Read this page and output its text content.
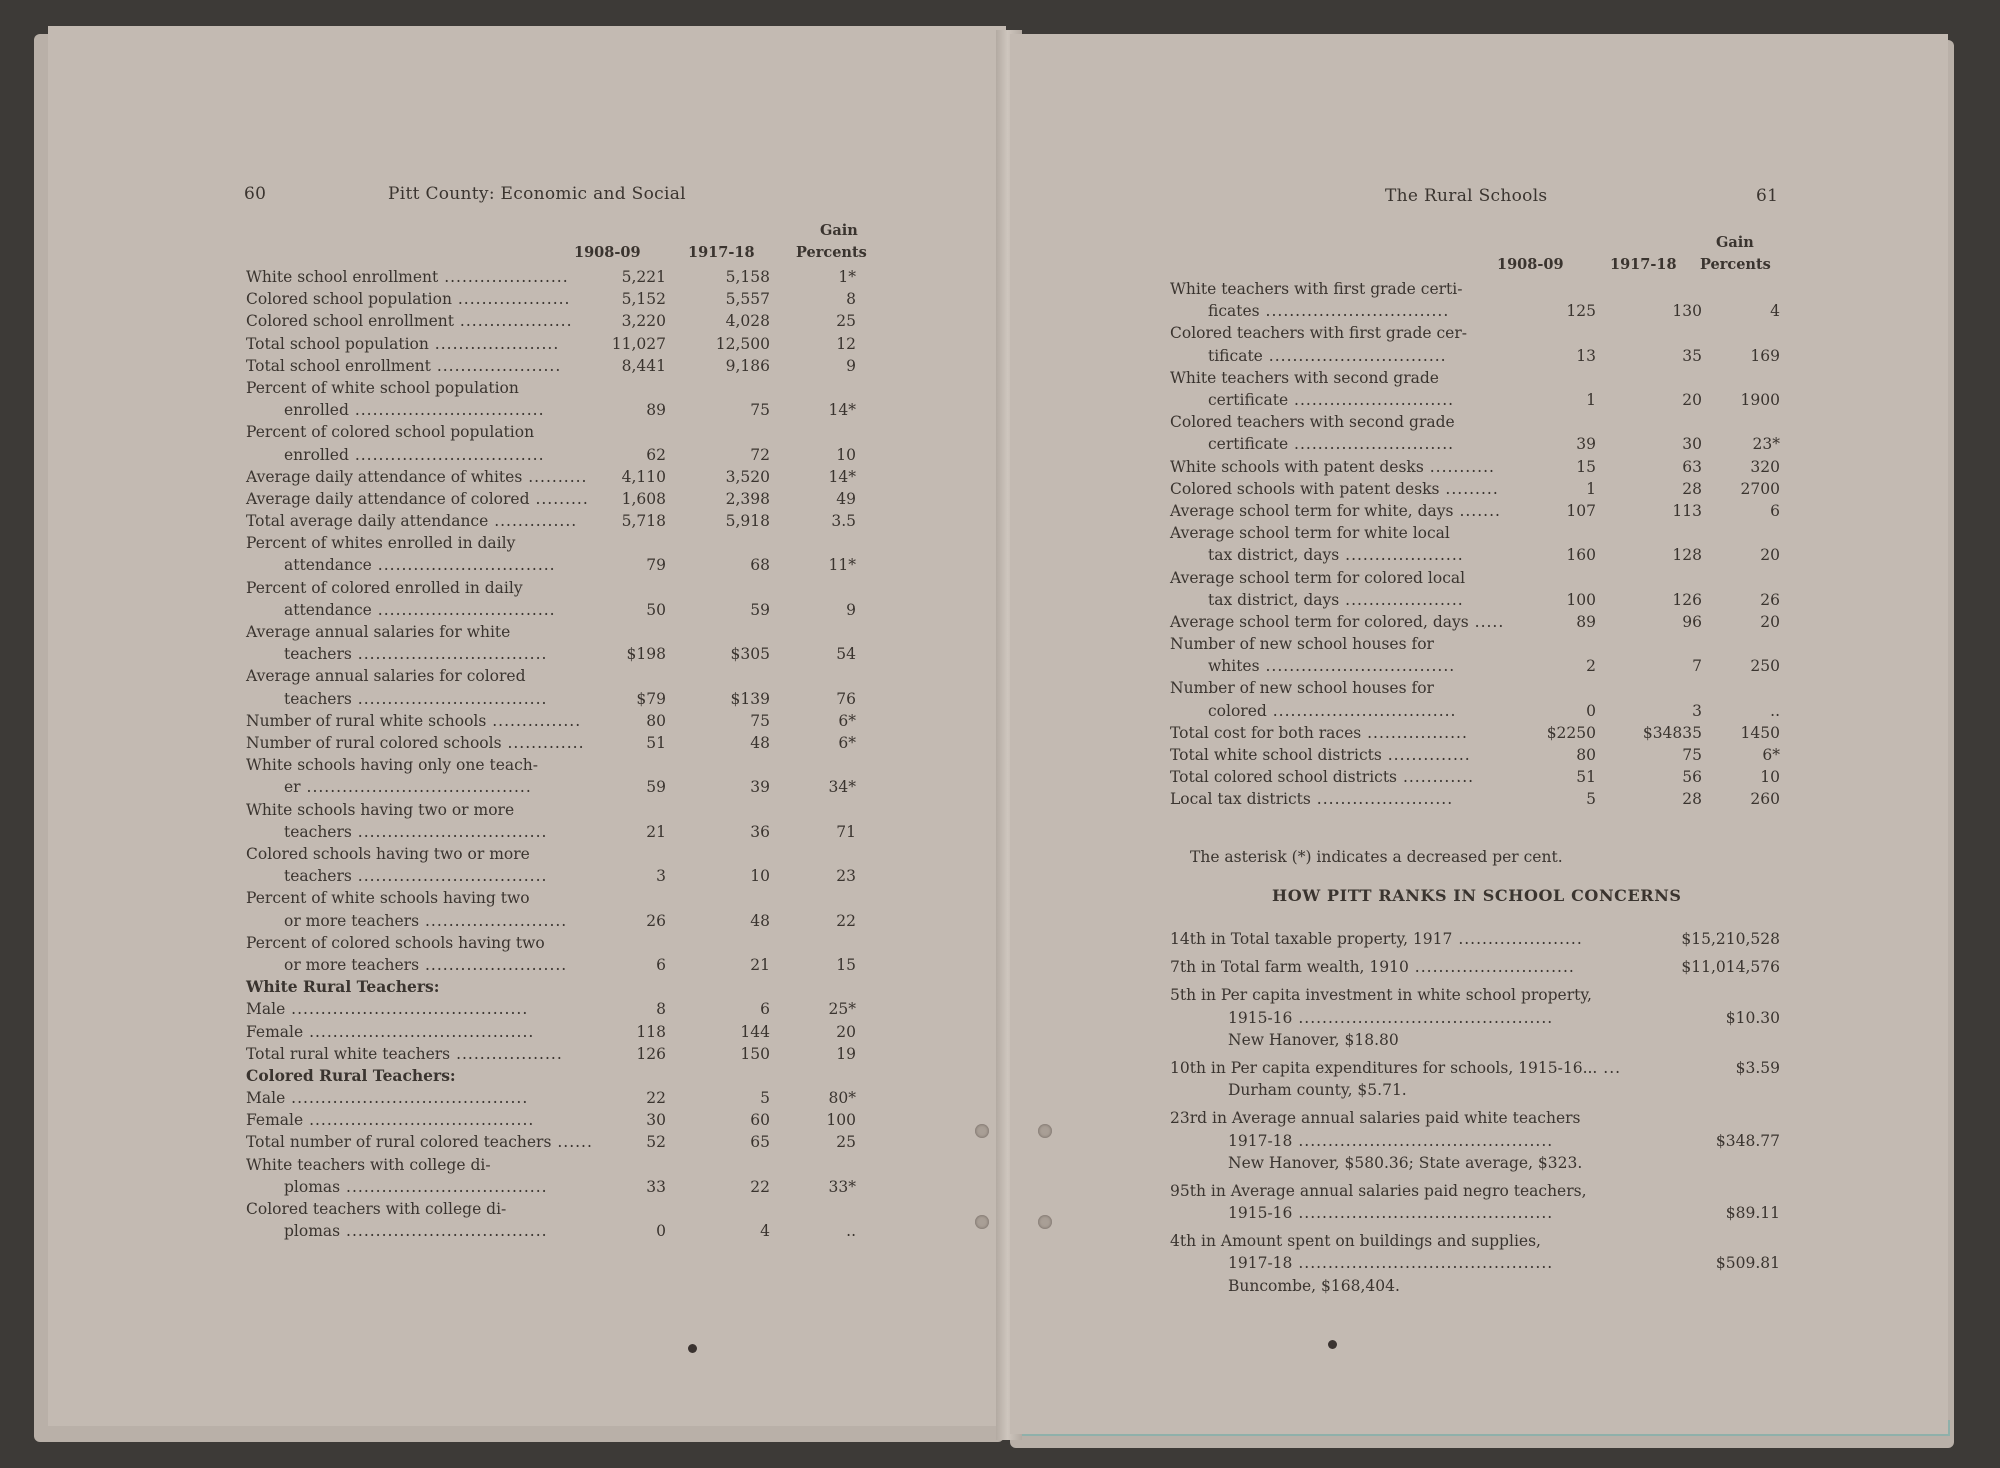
60	Pitt County: Economic and Social
Gain
1908-09	1917-18	Percents
White school enrollment .....................	5,221	5,158	1*
Colored school population ...................	5,152	5,557	8
Colored school enrollment ...................	3,220	4,028	25
Total school population .....................	11,027	12,500	12
Total school enrollment .....................	8,441	9,186	9
Percent of white school population
enrolled ................................	89	75	14*
Percent of colored school population
enrolled ................................	62	72	10
Average daily attendance of whites ..........	4,110	3,520	14*
Average daily attendance of colored .........	1,608	2,398	49
Total average daily attendance ..............	5,718	5,918	3.5
Percent of whites enrolled in daily
attendance ..............................	79	68	11*
Percent of colored enrolled in daily
attendance ..............................	50	59	9
Average annual salaries for white
teachers ................................	$198	$305	54
Average annual salaries for colored
teachers ................................	$79	$139	76
Number of rural white schools ...............	80	75	6*
Number of rural colored schools .............	51	48	6*
White schools having only one teach-
er ......................................	59	39	34*
White schools having two or more
teachers ................................	21	36	71
Colored schools having two or more
teachers ................................	3	10	23
Percent of white schools having two
or more teachers ........................	26	48	22
Percent of colored schools having two
or more teachers ........................	6	21	15
White Rural Teachers:
Male ........................................	8	6	25*
Female ......................................	118	144	20
Total rural white teachers ..................	126	150	19
Colored Rural Teachers:
Male ........................................	22	5	80*
Female ......................................	30	60	100
Total number of rural colored teachers ......	52	65	25
White teachers with college di-
plomas ..................................	33	22	33*
Colored teachers with college di-
plomas ..................................	0	4	..
The Rural Schools	61
Gain
1908-09	1917-18 Percents
White teachers with first grade certi-
ficates ...............................	125	130	4
Colored teachers with first grade cer-
tificate ..............................	13	35	169
White teachers with second grade
certificate ...........................	1	20	1900
Colored teachers with second grade
certificate ...........................	39	30	23*
White schools with patent desks ...........	15	63	320
Colored schools with patent desks .........	1	28	2700
Average school term for white, days .......	107	113	6
Average school term for white local
tax district, days ....................	160	128	20
Average school term for colored local
tax district, days ....................	100	126	26
Average school term for colored, days .....	89	96	20
Number of new school houses for
whites ................................	2	7	250
Number of new school houses for
colored ...............................	0	3	..
Total cost for both races .................	$2250	$34835	1450
Total white school districts ..............	80	75	6*
Total colored school districts ............	51	56	10
Local tax districts .......................	5	28	260
The asterisk (*) indicates a decreased per cent.
HOW PITT RANKS IN SCHOOL CONCERNS
14th in Total taxable property, 1917 .....................	$15,210,528
7th in Total farm wealth, 1910 ...........................	$11,014,576
5th in Per capita investment in white school property,
1915-16 ...........................................	$10.30
New Hanover, $18.80
10th in Per capita expenditures for schools, 1915-16... ...	$3.59
Durham county, $5.71.
23rd in Average annual salaries paid white teachers
1917-18 ...........................................	$348.77
New Hanover, $580.36; State average, $323.
95th in Average annual salaries paid negro teachers,
1915-16 ...........................................	$89.11
4th in Amount spent on buildings and supplies,
1917-18 ...........................................	$509.81
Buncombe, $168,404.
